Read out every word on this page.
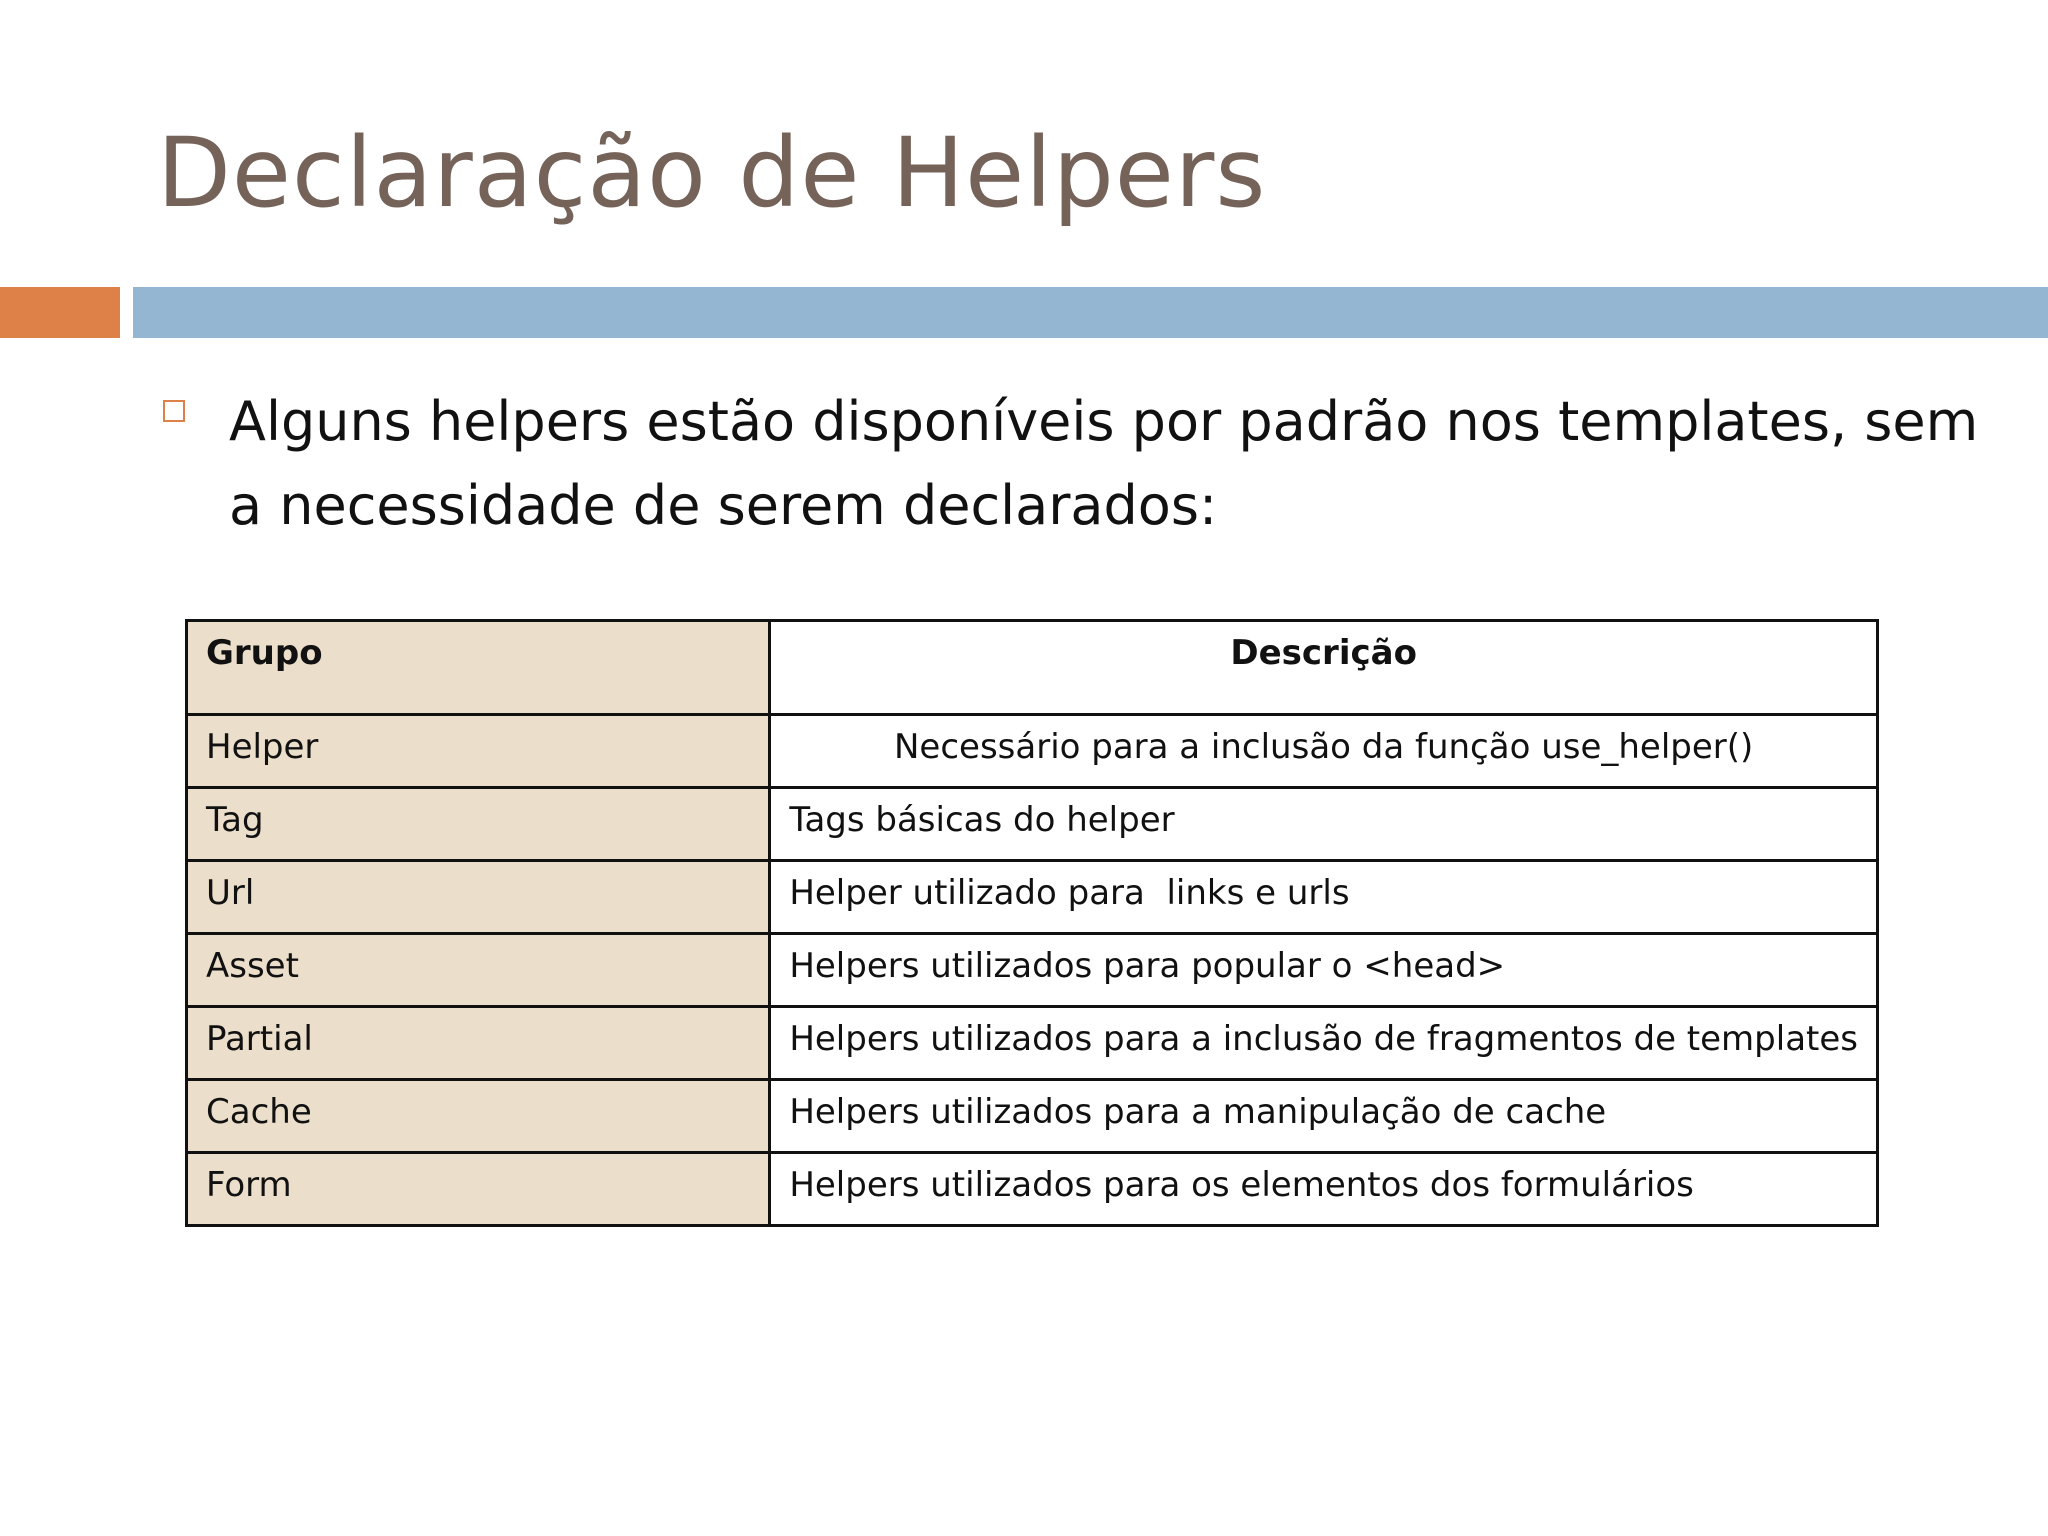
Declaração de Helpers
Alguns helpers estão disponíveis por padrão nos templates, sem a necessidade de serem declarados:
Grupo	Descrição
Helper	Necessário para a inclusão da função use_helper()
Tag	Tags básicas do helper
Url	Helper utilizado para  links e urls
Asset	Helpers utilizados para popular o <head>
Partial	Helpers utilizados para a inclusão de fragmentos de templates
Cache	Helpers utilizados para a manipulação de cache
Form	Helpers utilizados para os elementos dos formulários
